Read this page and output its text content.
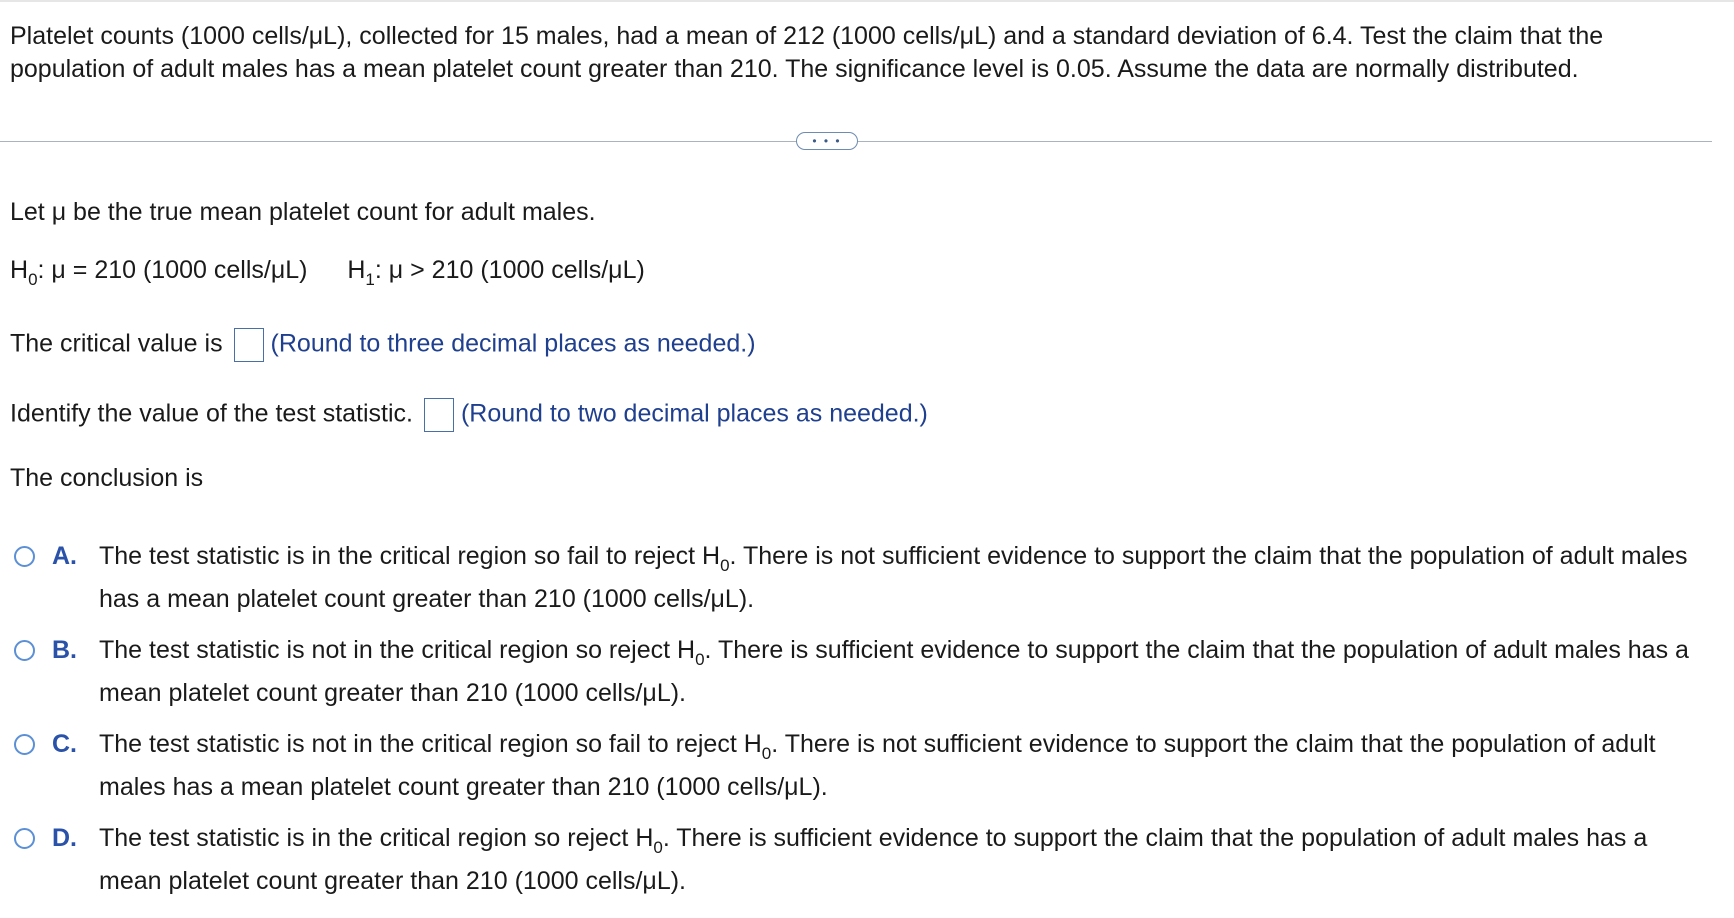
Platelet counts (1000 cells/μL), collected for 15 males, had a mean of 212 (1000 cells/μL) and a standard deviation of 6.4. Test the claim that the population of adult males has a mean platelet count greater than 210. The significance level is 0.05. Assume the data are normally distributed.
• • •
Let μ be the true mean platelet count for adult males.
$H_0$: μ = 210 (1000 cells/μL) $H_1$: μ > 210 (1000 cells/μL)
The critical value is (Round to three decimal places as needed.)
Identify the value of the test statistic. (Round to two decimal places as needed.)
The conclusion is
A. The test statistic is in the critical region so fail to reject $H_0$. There is not sufficient evidence to support the claim that the population of adult males has a mean platelet count greater than 210 (1000 cells/μL).
B. The test statistic is not in the critical region so reject $H_0$. There is sufficient evidence to support the claim that the population of adult males has a mean platelet count greater than 210 (1000 cells/μL).
C. The test statistic is not in the critical region so fail to reject $H_0$. There is not sufficient evidence to support the claim that the population of adult males has a mean platelet count greater than 210 (1000 cells/μL).
D. The test statistic is in the critical region so reject $H_0$. There is sufficient evidence to support the claim that the population of adult males has a mean platelet count greater than 210 (1000 cells/μL).
